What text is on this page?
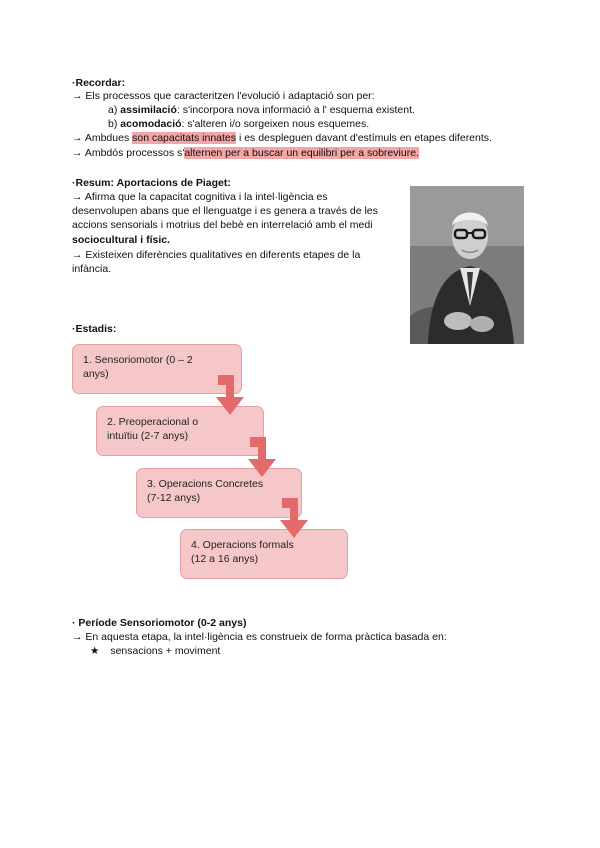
·Recordar:
→ Els processos que caracteritzen l'evolució i adaptació son per:
a) assimilació: s'incorpora nova informació a l' esquema existent.
b) acomodació: s'alteren i/o sorgeixen nous esquemes.
→ Ambdues son capacitats innates i es despleguen davant d'estímuls en etapes diferents.
→ Ambdós processos s'alternen per a buscar un equilibri per a sobreviure.
·Resum: Aportacions de Piaget:
→ Afirma que la capacitat cognitiva i la intel·ligència es
desenvolupen abans que el llenguatge i es genera a través de les
accions sensorials i motrius del bebè en interrelació amb el medi
sociocultural i físic.
→ Existeixen diferències qualitatives en diferents etapes de la
infància.
·Estadis:
1. Sensoriomotor (0 – 2
anys)
2. Preoperacional o
intuïtiu (2-7 anys)
3. Operacions Concretes
(7-12 anys)
4. Operacions formals
(12 a 16 anys)
· Període Sensoriomotor (0-2 anys)
→ En aquesta etapa, la intel·ligència es construeix de forma pràctica basada en:
★ sensacions + moviment
